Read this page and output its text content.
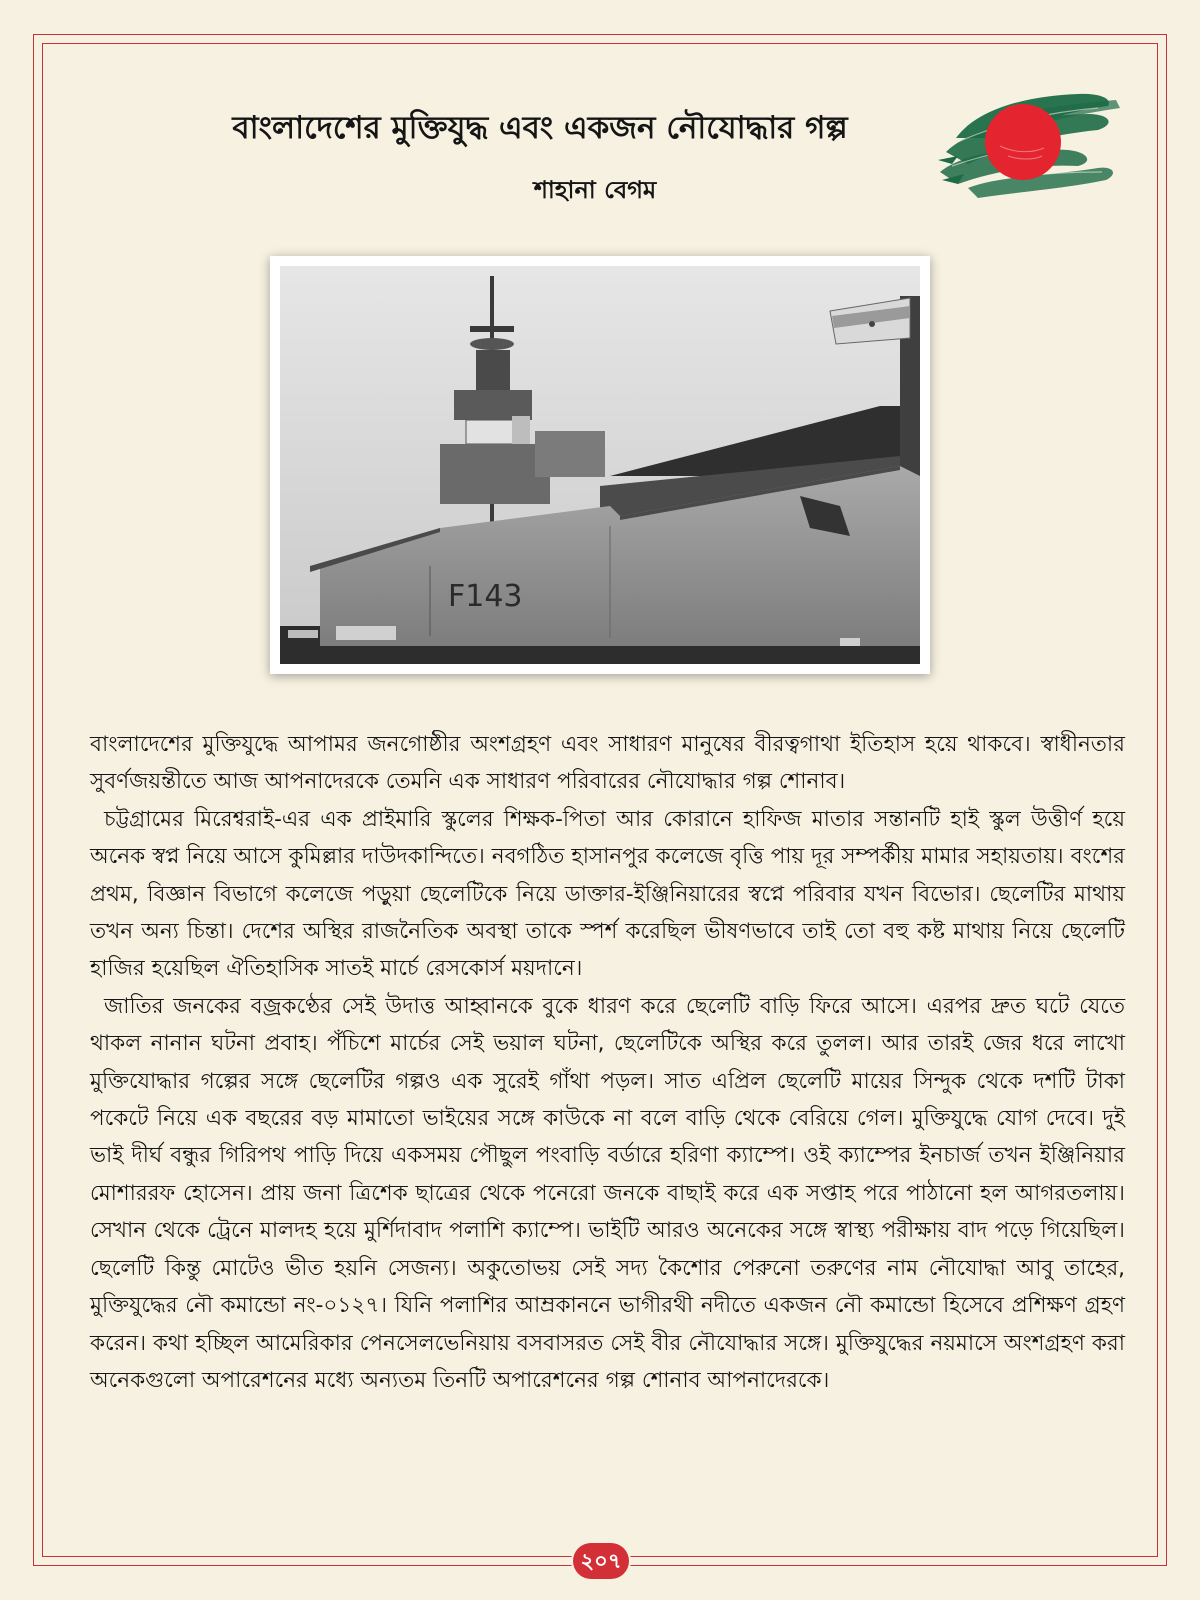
বাংলাদেশের মুক্তিযুদ্ধ এবং একজন নৌযোদ্ধার গল্প
শাহানা বেগম
F143

বাংলাদেশের মুক্তিযুদ্ধে আপামর জনগোষ্ঠীর অংশগ্রহণ এবং সাধারণ মানুষের বীরত্বগাথা ইতিহাস হয়ে থাকবে। স্বাধীনতার সুবর্ণজয়ন্তীতে আজ আপনাদেরকে তেমনি এক সাধারণ পরিবারের নৌযোদ্ধার গল্প শোনাব।

চট্টগ্রামের মিরেশ্বরাই-এর এক প্রাইমারি স্কুলের শিক্ষক-পিতা আর কোরানে হাফিজ মাতার সন্তানটি হাই স্কুল উত্তীর্ণ হয়ে অনেক স্বপ্ন নিয়ে আসে কুমিল্লার দাউদকান্দিতে। নবগঠিত হাসানপুর কলেজে বৃত্তি পায় দূর সম্পর্কীয় মামার সহায়তায়। বংশের প্রথম, বিজ্ঞান বিভাগে কলেজে পড়ুয়া ছেলেটিকে নিয়ে ডাক্তার-ইঞ্জিনিয়ারের স্বপ্নে পরিবার যখন বিভোর। ছেলেটির মাথায় তখন অন্য চিন্তা। দেশের অস্থির রাজনৈতিক অবস্থা তাকে স্পর্শ করেছিল ভীষণভাবে তাই তো বহু কষ্ট মাথায় নিয়ে ছেলেটি হাজির হয়েছিল ঐতিহাসিক সাতই মার্চে রেসকোর্স ময়দানে।

জাতির জনকের বজ্রকণ্ঠের সেই উদাত্ত আহ্বানকে বুকে ধারণ করে ছেলেটি বাড়ি ফিরে আসে। এরপর দ্রুত ঘটে যেতে থাকল নানান ঘটনা প্রবাহ। পঁচিশে মার্চের সেই ভয়াল ঘটনা, ছেলেটিকে অস্থির করে তুলল। আর তারই জের ধরে লাখো মুক্তিযোদ্ধার গল্পের সঙ্গে ছেলেটির গল্পও এক সুরেই গাঁথা পড়ল। সাত এপ্রিল ছেলেটি মায়ের সিন্দুক থেকে দশটি টাকা পকেটে নিয়ে এক বছরের বড় মামাতো ভাইয়ের সঙ্গে কাউকে না বলে বাড়ি থেকে বেরিয়ে গেল। মুক্তিযুদ্ধে যোগ দেবে। দুই ভাই দীর্ঘ বন্ধুর গিরিপথ পাড়ি দিয়ে একসময় পৌছুল পংবাড়ি বর্ডারে হরিণা ক্যাম্পে। ওই ক্যাম্পের ইনচার্জ তখন ইঞ্জিনিয়ার মোশাররফ হোসেন। প্রায় জনা ত্রিশেক ছাত্রের থেকে পনেরো জনকে বাছাই করে এক সপ্তাহ পরে পাঠানো হল আগরতলায়। সেখান থেকে ট্রেনে মালদহ হয়ে মুর্শিদাবাদ পলাশি ক্যাম্পে। ভাইটি আরও অনেকের সঙ্গে স্বাস্থ্য পরীক্ষায় বাদ পড়ে গিয়েছিল। ছেলেটি কিন্তু মোটেও ভীত হয়নি সেজন্য। অকুতোভয় সেই সদ্য কৈশোর পেরুনো তরুণের নাম নৌযোদ্ধা আবু তাহের, মুক্তিযুদ্ধের নৌ কমান্ডো নং-০১২৭। যিনি পলাশির আম্রকাননে ভাগীরথী নদীতে একজন নৌ কমান্ডো হিসেবে প্রশিক্ষণ গ্রহণ করেন। কথা হচ্ছিল আমেরিকার পেনসেলভেনিয়ায় বসবাসরত সেই বীর নৌযোদ্ধার সঙ্গে। মুক্তিযুদ্ধের নয়মাসে অংশগ্রহণ করা অনেকগুলো অপারেশনের মধ্যে অন্যতম তিনটি অপারেশনের গল্প শোনাব আপনাদেরকে।

২০৭
